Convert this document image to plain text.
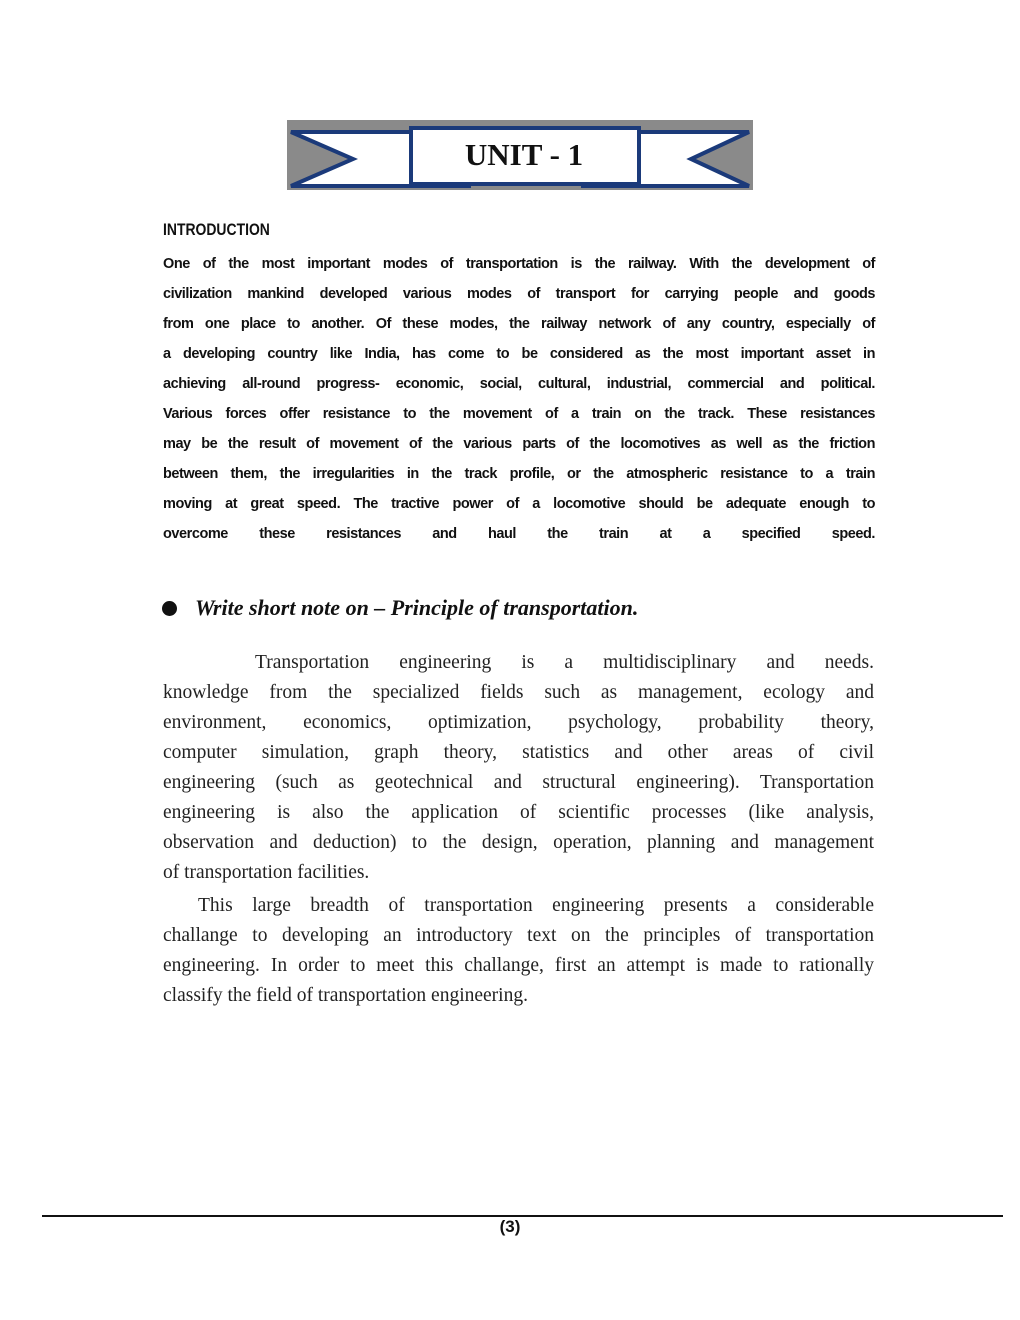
UNIT - 1
INTRODUCTION
One of the most important modes of transportation is the railway. With the development of
civilization mankind developed various modes of transport for carrying people and goods
from one place to another. Of these modes, the railway network of any country, especially of
a developing country like India, has come to be considered as the most important asset in
achieving all-round progress- economic, social, cultural, industrial, commercial and political.
Various forces offer resistance to the movement of a train on the track. These resistances
may be the result of movement of the various parts of the locomotives as well as the friction
between them, the irregularities in the track profile, or the atmospheric resistance to a train
moving at great speed. The tractive power of a locomotive should be adequate enough to
overcome these resistances and haul the train at a specified speed.
Write short note on – Principle of transportation.
Transportation engineering is a multidisciplinary and needs.
knowledge from the specialized fields such as management, ecology and
environment, economics, optimization, psychology, probability theory,
computer simulation, graph theory, statistics and other areas of civil
engineering (such as geotechnical and structural engineering). Transportation
engineering is also the application of scientific processes (like analysis,
observation and deduction) to the design, operation, planning and management
of transportation facilities.
This large breadth of transportation engineering presents a considerable
challange to developing an introductory text on the principles of transportation
engineering. In order to meet this challange, first an attempt is made to rationally
classify the field of transportation engineering.
(3)
